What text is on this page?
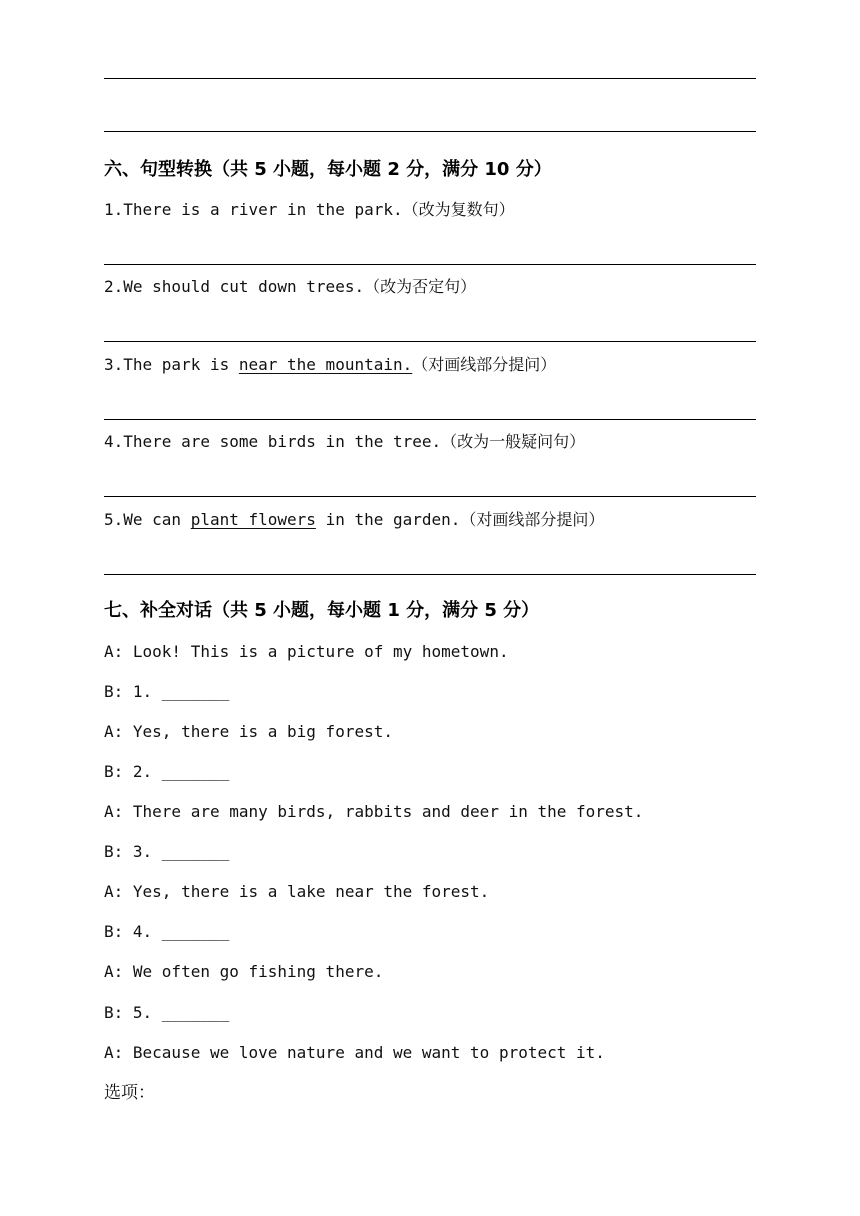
六、句型转换（共 5 小题，每小题 2 分，满分 10 分）
1.There is a river in the park.（改为复数句）
2.We should cut down trees.（改为否定句）
3.The park is near the mountain.（对画线部分提问）
4.There are some birds in the tree.（改为一般疑问句）
5.We can plant flowers in the garden.（对画线部分提问）
七、补全对话（共 5 小题，每小题 1 分，满分 5 分）
A: Look! This is a picture of my hometown.
B: 1. _______
A: Yes, there is a big forest.
B: 2. _______
A: There are many birds, rabbits and deer in the forest.
B: 3. _______
A: Yes, there is a lake near the forest.
B: 4. _______
A: We often go fishing there.
B: 5. _______
A: Because we love nature and we want to protect it.
选项：
